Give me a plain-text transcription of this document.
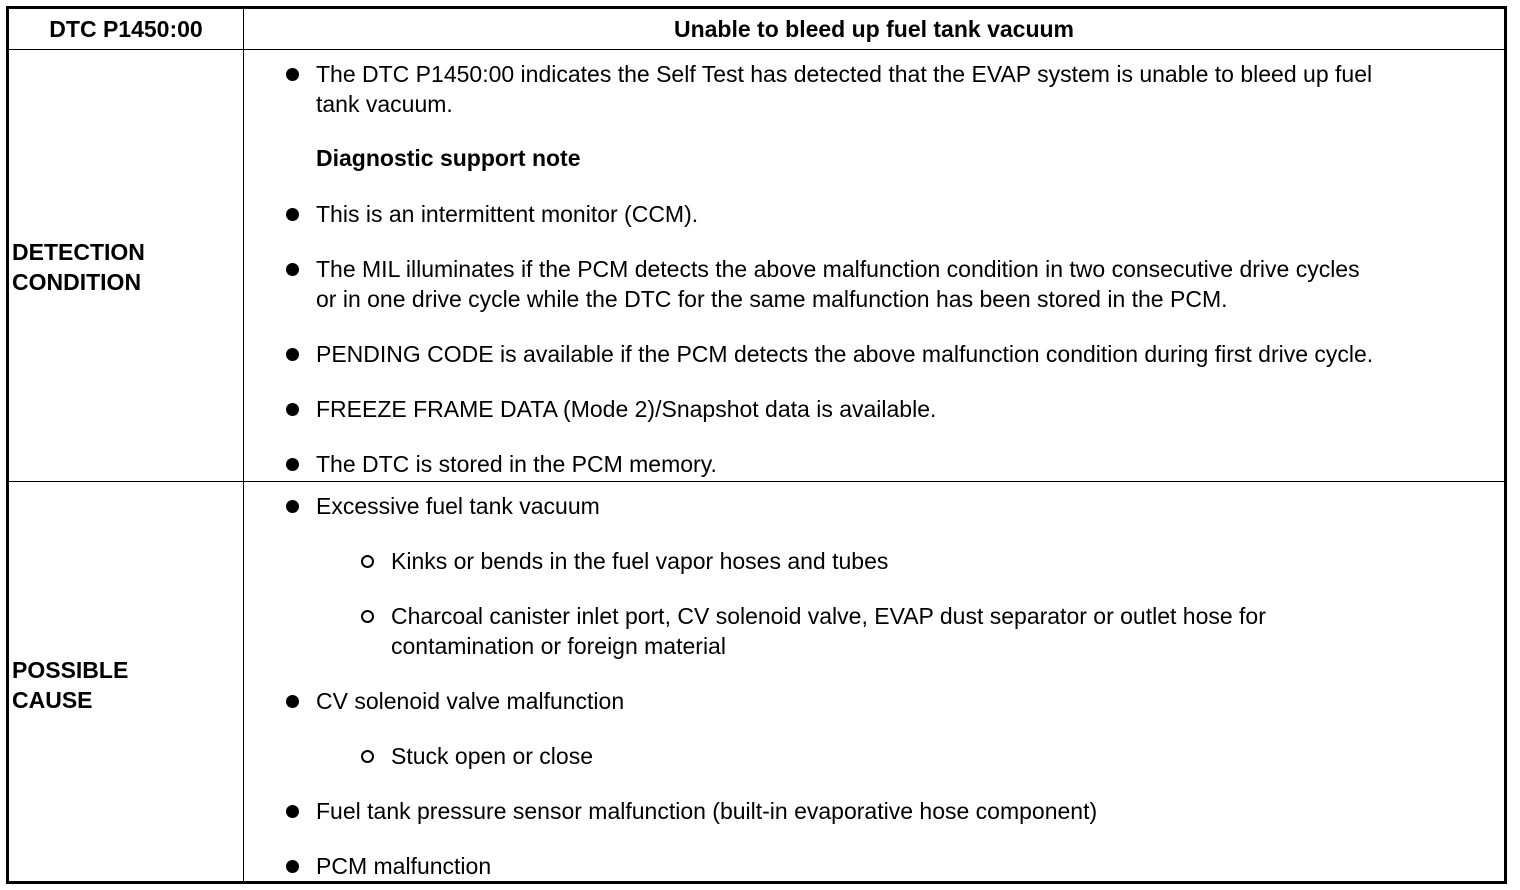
DTC P1450:00	Unable to bleed up fuel tank vacuum
DETECTION
CONDITION
POSSIBLE
CAUSE
The DTC P1450:00 indicates the Self Test has detected that the EVAP system is unable to bleed up fuel
tank vacuum.
Diagnostic support note
This is an intermittent monitor (CCM).
The MIL illuminates if the PCM detects the above malfunction condition in two consecutive drive cycles
or in one drive cycle while the DTC for the same malfunction has been stored in the PCM.
PENDING CODE is available if the PCM detects the above malfunction condition during first drive cycle.
FREEZE FRAME DATA (Mode 2)/Snapshot data is available.
The DTC is stored in the PCM memory.
Excessive fuel tank vacuum
Kinks or bends in the fuel vapor hoses and tubes
Charcoal canister inlet port, CV solenoid valve, EVAP dust separator or outlet hose for
contamination or foreign material
CV solenoid valve malfunction
Stuck open or close
Fuel tank pressure sensor malfunction (built-in evaporative hose component)
PCM malfunction
